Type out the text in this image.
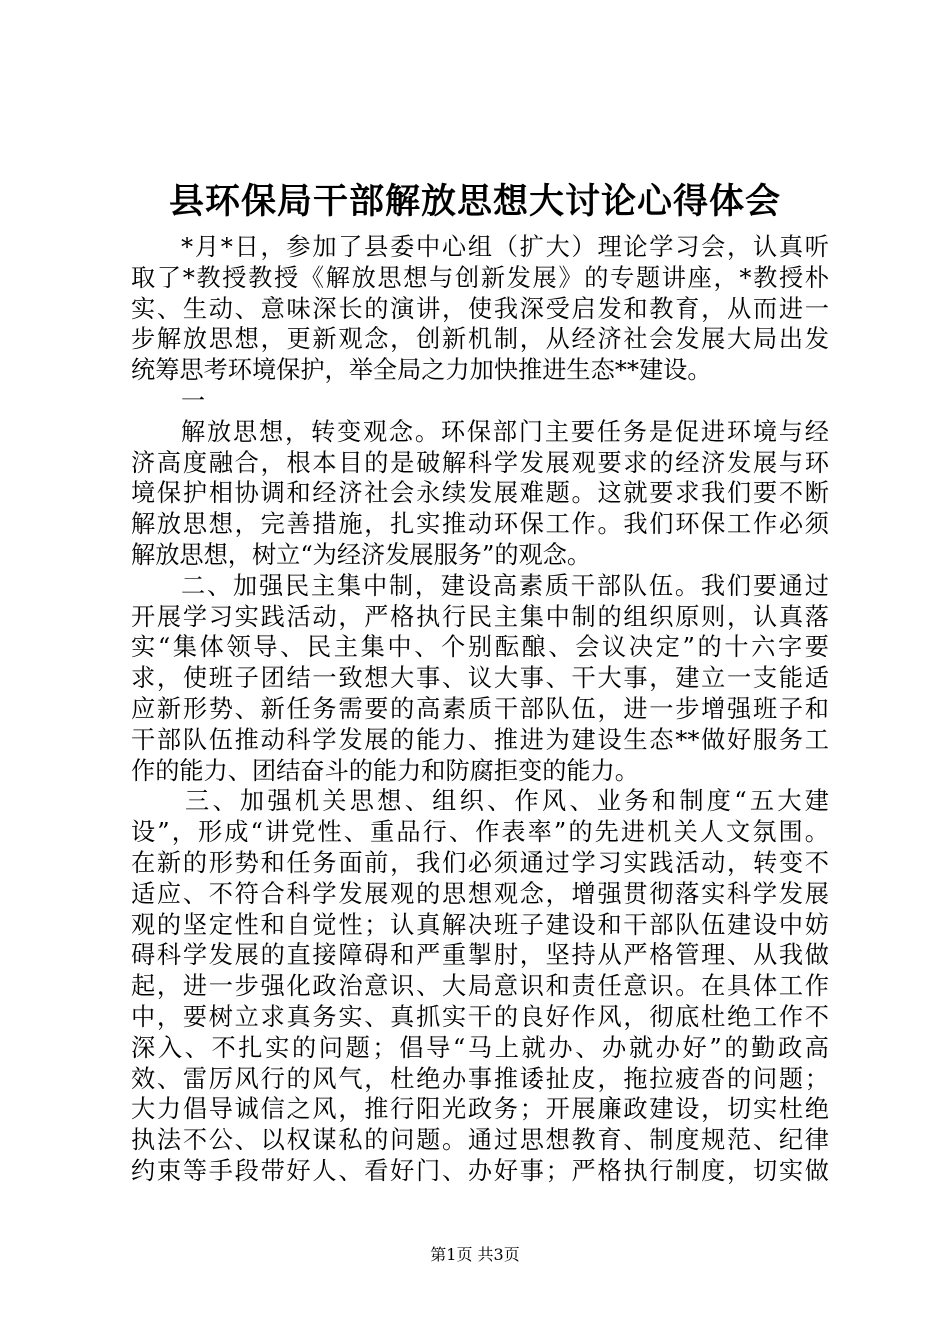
县环保局干部解放思想大讨论心得体会
*月*日，参加了县委中心组（扩大）理论学习会，认真听
取了*教授教授《解放思想与创新发展》的专题讲座，*教授朴
实、生动、意味深长的演讲，使我深受启发和教育，从而进一
步解放思想，更新观念，创新机制，从经济社会发展大局出发
统筹思考环境保护，举全局之力加快推进生态**建设。
一
解放思想，转变观念。环保部门主要任务是促进环境与经
济高度融合，根本目的是破解科学发展观要求的经济发展与环
境保护相协调和经济社会永续发展难题。这就要求我们要不断
解放思想，完善措施，扎实推动环保工作。我们环保工作必须
解放思想，树立“为经济发展服务”的观念。
二、加强民主集中制，建设高素质干部队伍。我们要通过
开展学习实践活动，严格执行民主集中制的组织原则，认真落
实“集体领导、民主集中、个别酝酿、会议决定”的十六字要
求，使班子团结一致想大事、议大事、干大事，建立一支能适
应新形势、新任务需要的高素质干部队伍，进一步增强班子和
干部队伍推动科学发展的能力、推进为建设生态**做好服务工
作的能力、团结奋斗的能力和防腐拒变的能力。
三、加强机关思想、组织、作风、业务和制度“五大建
设”，形成“讲党性、重品行、作表率”的先进机关人文氛围。
在新的形势和任务面前，我们必须通过学习实践活动，转变不
适应、不符合科学发展观的思想观念，增强贯彻落实科学发展
观的坚定性和自觉性；认真解决班子建设和干部队伍建设中妨
碍科学发展的直接障碍和严重掣肘，坚持从严格管理、从我做
起，进一步强化政治意识、大局意识和责任意识。在具体工作
中，要树立求真务实、真抓实干的良好作风，彻底杜绝工作不
深入、不扎实的问题；倡导“马上就办、办就办好”的勤政高
效、雷厉风行的风气，杜绝办事推诿扯皮，拖拉疲沓的问题；
大力倡导诚信之风，推行阳光政务；开展廉政建设，切实杜绝
执法不公、以权谋私的问题。通过思想教育、制度规范、纪律
约束等手段带好人、看好门、办好事；严格执行制度，切实做
第1页 共3页
